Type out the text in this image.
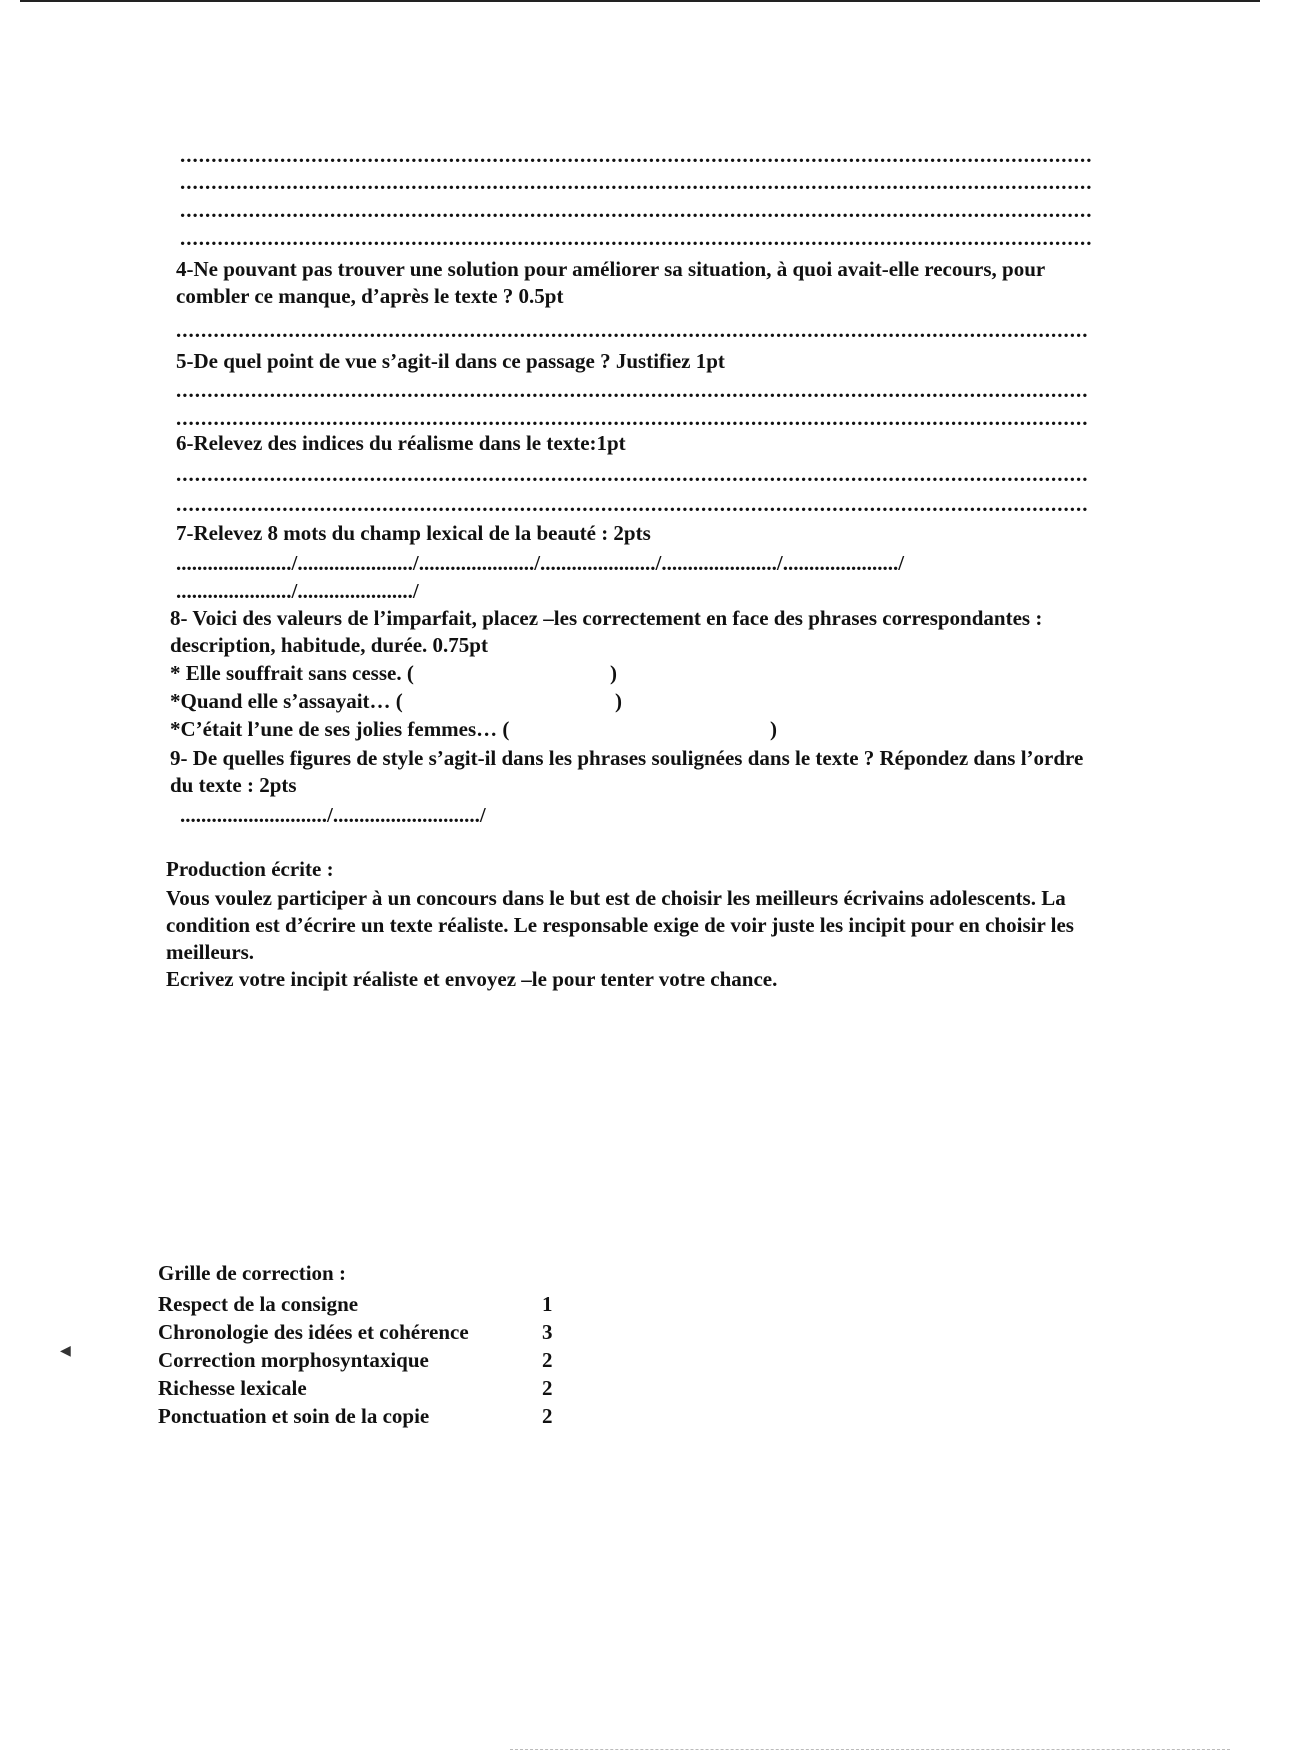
..................................................................................................................................................
..................................................................................................................................................
..................................................................................................................................................
..................................................................................................................................................
4-Ne pouvant pas trouver une solution pour améliorer sa situation, à quoi avait-elle recours, pour combler ce manque, d’après le texte ? 0.5pt
..................................................................................................................................................
5-De quel point de vue s’agit-il dans ce passage ? Justifiez 1pt
..................................................................................................................................................
..................................................................................................................................................
6-Relevez des indices du réalisme dans le texte:1pt
..................................................................................................................................................
..................................................................................................................................................
7-Relevez 8 mots du champ lexical de la beauté : 2pts
....................../....................../....................../....................../....................../....................../
....................../....................../
8- Voici des valeurs de l’imparfait, placez –les correctement en face des phrases correspondantes : description, habitude, durée. 0.75pt
* Elle souffrait sans cesse. (	)
*Quand elle s’assayait… (	)
*C’était l’une de ses jolies femmes… (	)
9- De quelles figures de style s’agit-il dans les phrases soulignées dans le texte ? Répondez dans l’ordre du texte : 2pts
............................/............................/
Production écrite :
Vous voulez participer à un concours dans le but est de choisir les meilleurs écrivains adolescents. La condition est d’écrire un texte réaliste. Le responsable exige de voir juste les incipit pour en choisir les meilleurs.
Ecrivez votre incipit réaliste et envoyez –le pour tenter votre chance.
Grille de correction :
Respect de la consigne	1
Chronologie des idées et cohérence	3
Correction morphosyntaxique	2
Richesse lexicale	2
Ponctuation et soin de la copie	2
◀
